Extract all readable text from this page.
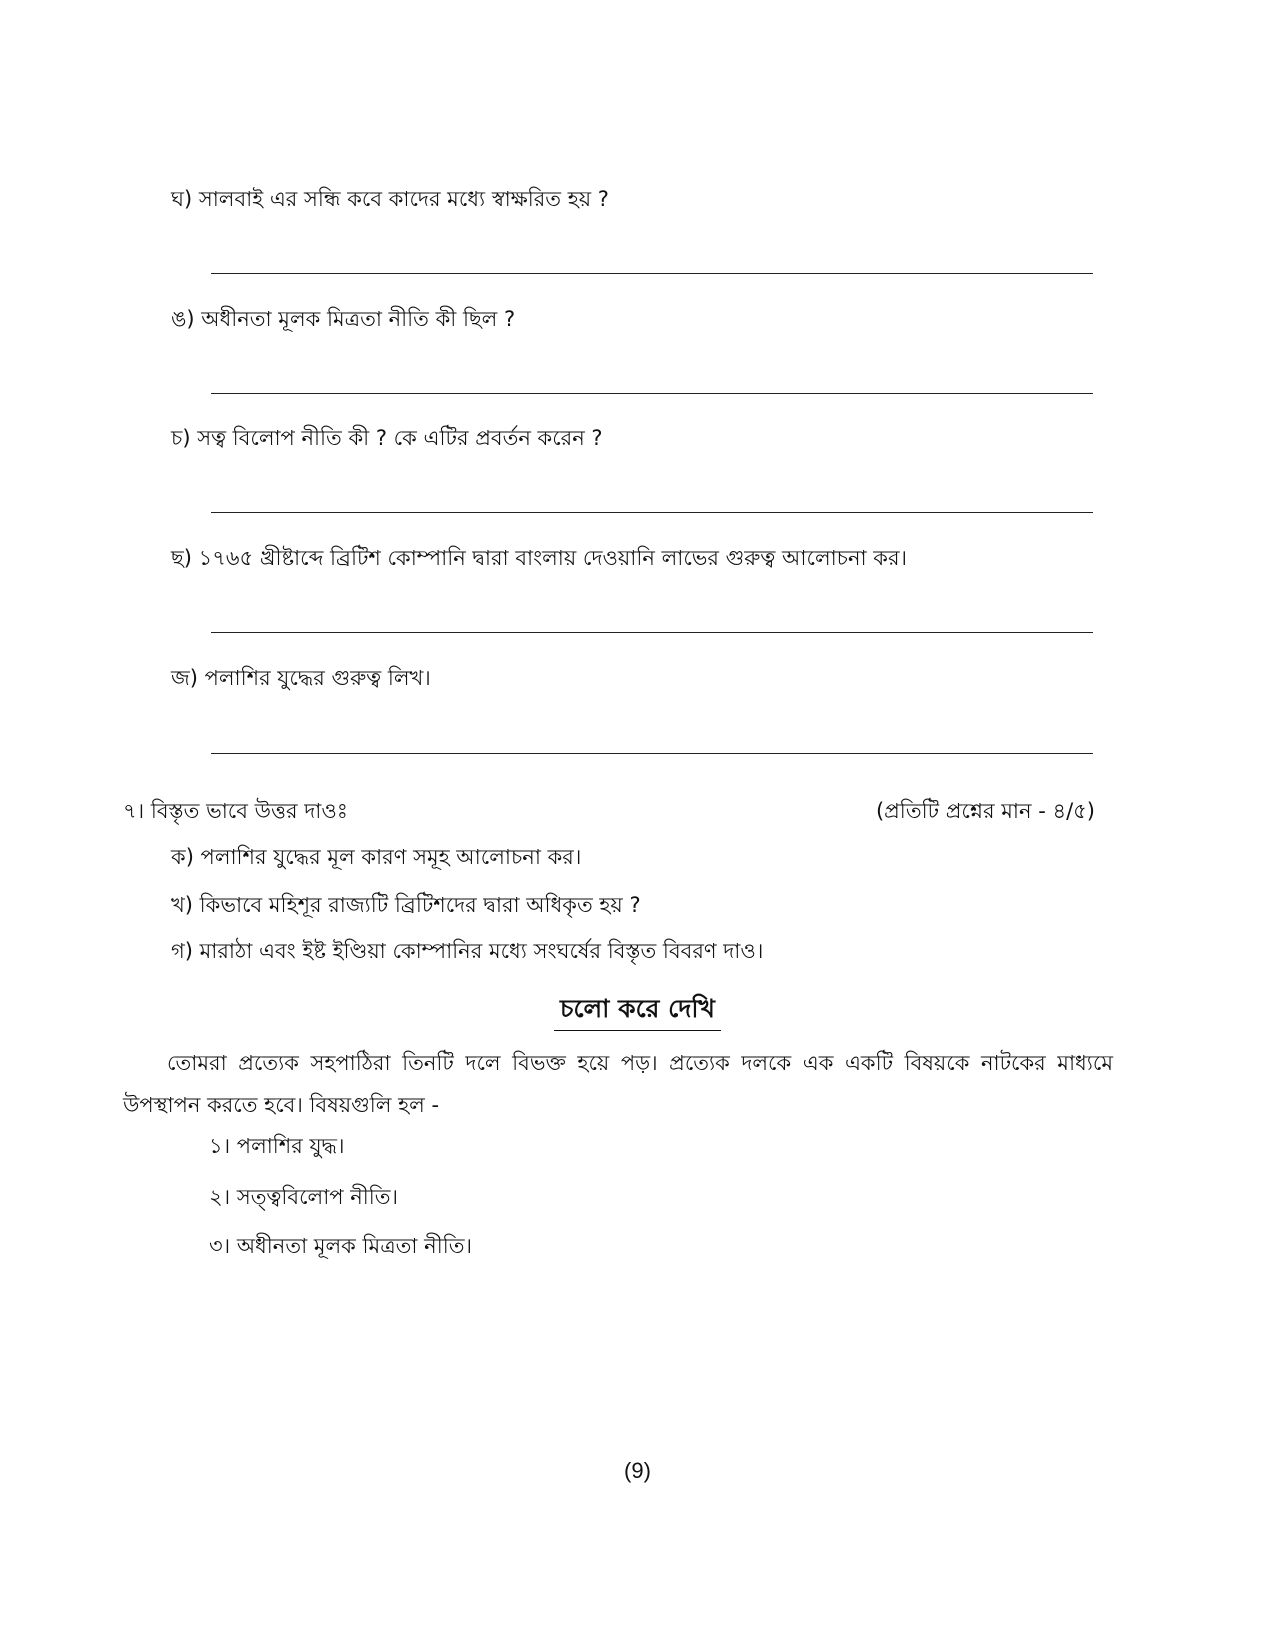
ঘ) সালবাই এর সন্ধি কবে কাদের মধ্যে স্বাক্ষরিত হয় ?
ঙ) অধীনতা মূলক মিত্রতা নীতি কী ছিল ?
চ) সত্ব বিলোপ নীতি কী ? কে এটির প্রবর্তন করেন ?
ছ) ১৭৬৫ খ্রীষ্টাব্দে ব্রিটিশ কোম্পানি দ্বারা বাংলায় দেওয়ানি লাভের গুরুত্ব আলোচনা কর।
জ) পলাশির যুদ্ধের গুরুত্ব লিখ।
৭। বিস্তৃত ভাবে উত্তর দাওঃ	(প্রতিটি প্রশ্নের মান - ৪/৫)
ক) পলাশির যুদ্ধের মূল কারণ সমূহ আলোচনা কর।
খ) কিভাবে মহিশূর রাজ্যটি ব্রিটিশদের দ্বারা অধিকৃত হয় ?
গ) মারাঠা এবং ইষ্ট ইণ্ডিয়া কোম্পানির মধ্যে সংঘর্ষের বিস্তৃত বিবরণ দাও।
চলো করে দেখি
তোমরা প্রত্যেক সহপাঠিরা তিনটি দলে বিভক্ত হয়ে পড়। প্রত্যেক দলকে এক একটি বিষয়কে নাটকের মাধ্যমে উপস্থাপন করতে হবে। বিষয়গুলি হল -
১। পলাশির যুদ্ধ।
২। সত্ত্ববিলোপ নীতি।
৩। অধীনতা মূলক মিত্রতা নীতি।
(9)
